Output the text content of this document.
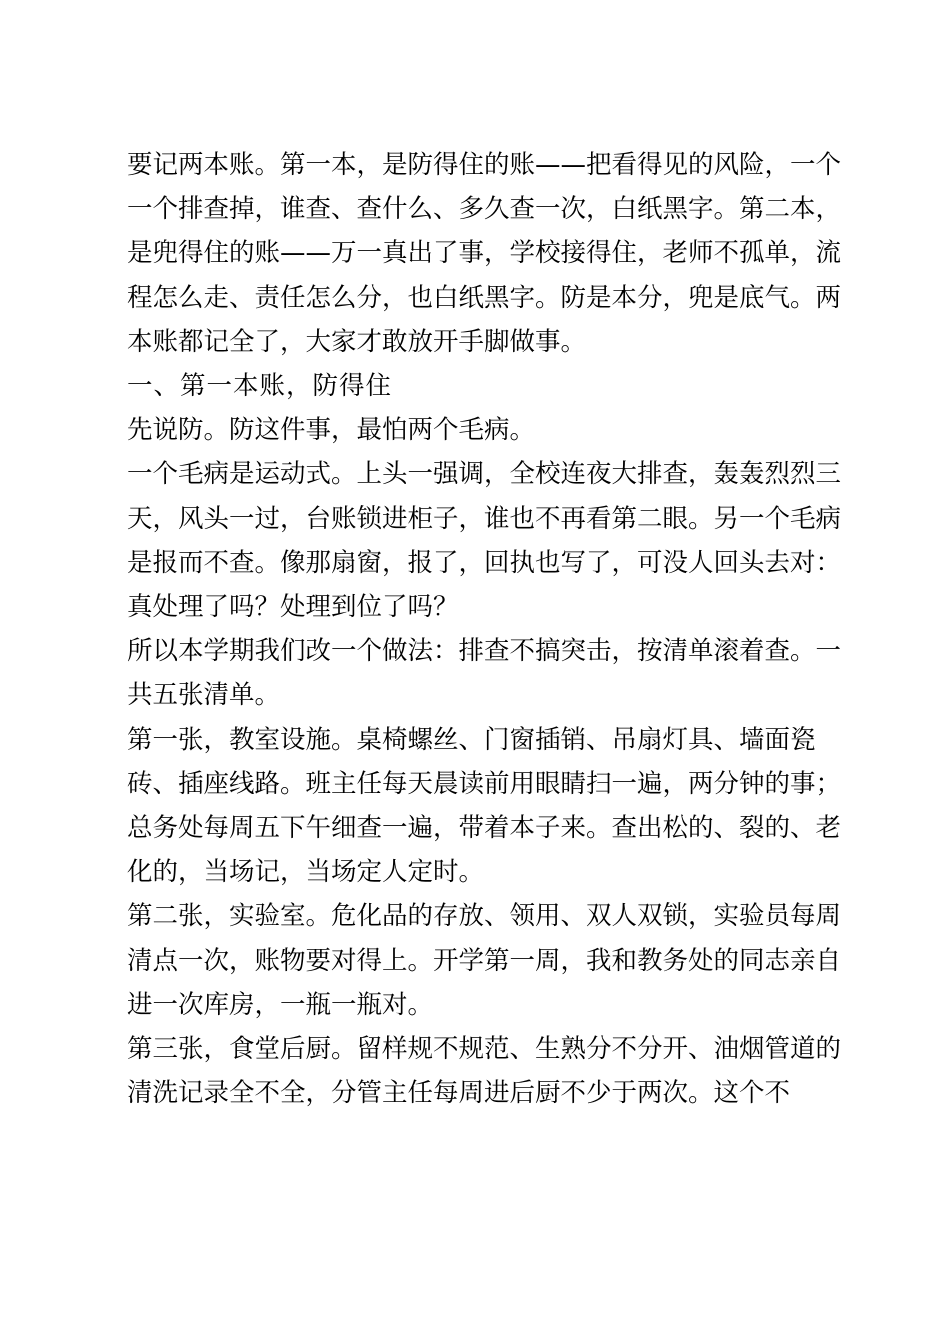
要记两本账。第一本，是防得住的账——把看得见的风险，一个一个排查掉，谁查、查什么、多久查一次，白纸黑字。第二本，是兜得住的账——万一真出了事，学校接得住，老师不孤单，流程怎么走、责任怎么分，也白纸黑字。防是本分，兜是底气。两本账都记全了，大家才敢放开手脚做事。

一、第一本账，防得住

先说防。防这件事，最怕两个毛病。

一个毛病是运动式。上头一强调，全校连夜大排查，轰轰烈烈三天，风头一过，台账锁进柜子，谁也不再看第二眼。另一个毛病是报而不查。像那扇窗，报了，回执也写了，可没人回头去对：真处理了吗？处理到位了吗？

所以本学期我们改一个做法：排查不搞突击，按清单滚着查。一共五张清单。

第一张，教室设施。桌椅螺丝、门窗插销、吊扇灯具、墙面瓷砖、插座线路。班主任每天晨读前用眼睛扫一遍，两分钟的事；总务处每周五下午细查一遍，带着本子来。查出松的、裂的、老化的，当场记，当场定人定时。

第二张，实验室。危化品的存放、领用、双人双锁，实验员每周清点一次，账物要对得上。开学第一周，我和教务处的同志亲自进一次库房，一瓶一瓶对。

第三张，食堂后厨。留样规不规范、生熟分不分开、油烟管道的清洗记录全不全，分管主任每周进后厨不少于两次。这个不
